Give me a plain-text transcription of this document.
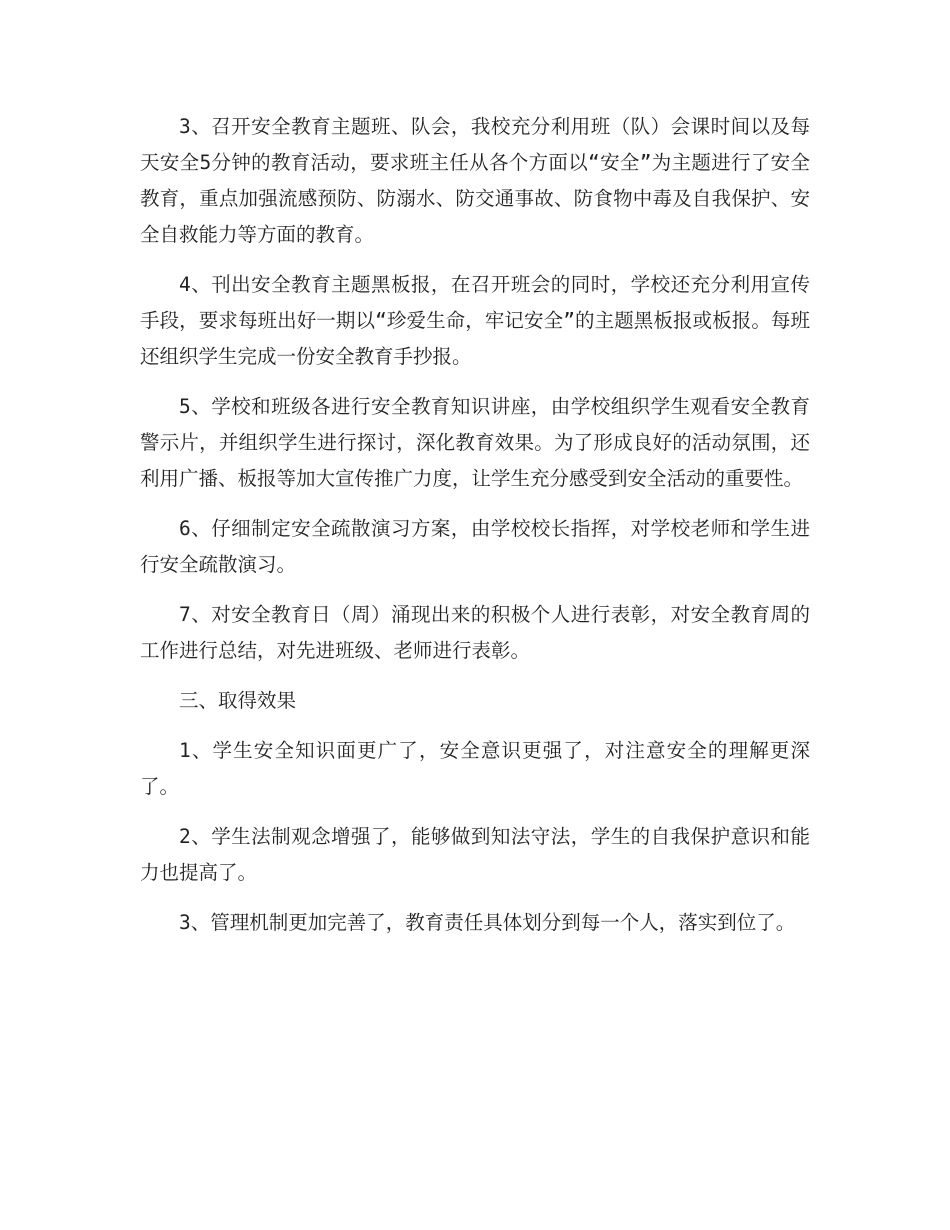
3、召开安全教育主题班、队会，我校充分利用班（队）会课时间以及每天安全5分钟的教育活动，要求班主任从各个方面以“安全”为主题进行了安全教育，重点加强流感预防、防溺水、防交通事故、防食物中毒及自我保护、安全自救能力等方面的教育。

4、刊出安全教育主题黑板报，在召开班会的同时，学校还充分利用宣传手段，要求每班出好一期以“珍爱生命，牢记安全”的主题黑板报或板报。每班还组织学生完成一份安全教育手抄报。

5、学校和班级各进行安全教育知识讲座，由学校组织学生观看安全教育警示片，并组织学生进行探讨，深化教育效果。为了形成良好的活动氛围，还利用广播、板报等加大宣传推广力度，让学生充分感受到安全活动的重要性。

6、仔细制定安全疏散演习方案，由学校校长指挥，对学校老师和学生进行安全疏散演习。

7、对安全教育日（周）涌现出来的积极个人进行表彰，对安全教育周的工作进行总结，对先进班级、老师进行表彰。

三、取得效果

1、学生安全知识面更广了，安全意识更强了，对注意安全的理解更深了。

2、学生法制观念增强了，能够做到知法守法，学生的自我保护意识和能力也提高了。

3、管理机制更加完善了，教育责任具体划分到每一个人，落实到位了。
